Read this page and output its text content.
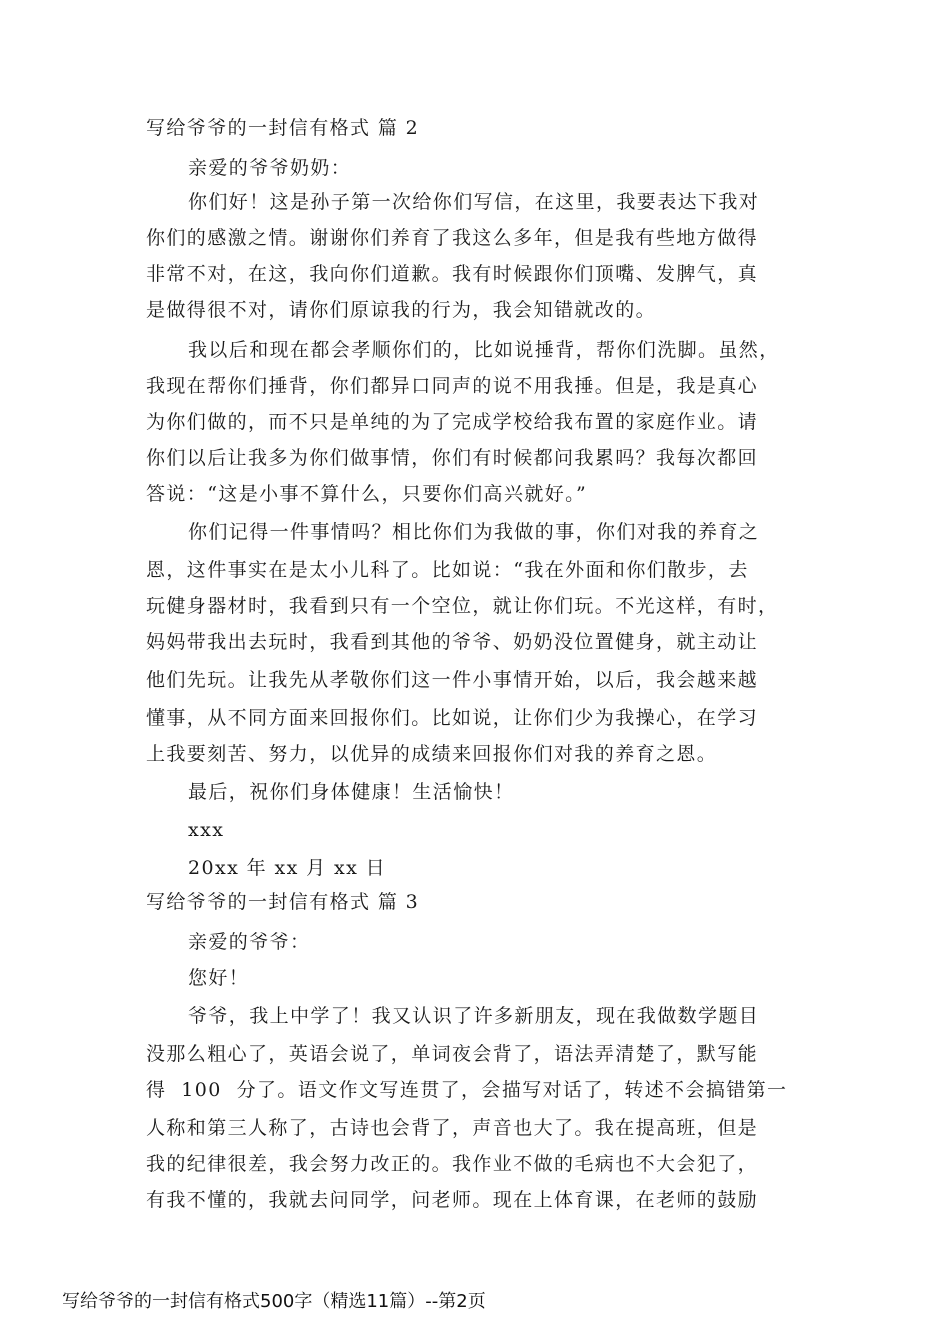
写给爷爷的一封信有格式 篇 2
亲爱的爷爷奶奶：
你们好！这是孙子第一次给你们写信，在这里，我要表达下我对
你们的感激之情。谢谢你们养育了我这么多年，但是我有些地方做得
非常不对，在这，我向你们道歉。我有时候跟你们顶嘴、发脾气，真
是做得很不对，请你们原谅我的行为，我会知错就改的。
我以后和现在都会孝顺你们的，比如说捶背，帮你们洗脚。虽然，
我现在帮你们捶背，你们都异口同声的说不用我捶。但是，我是真心
为你们做的，而不只是单纯的为了完成学校给我布置的家庭作业。请
你们以后让我多为你们做事情，你们有时候都问我累吗？我每次都回
答说：“这是小事不算什么，只要你们高兴就好。”
你们记得一件事情吗？相比你们为我做的事，你们对我的养育之
恩，这件事实在是太小儿科了。比如说：“我在外面和你们散步，去
玩健身器材时，我看到只有一个空位，就让你们玩。不光这样，有时，
妈妈带我出去玩时，我看到其他的爷爷、奶奶没位置健身，就主动让
他们先玩。让我先从孝敬你们这一件小事情开始，以后，我会越来越
懂事，从不同方面来回报你们。比如说，让你们少为我操心，在学习
上我要刻苦、努力，以优异的成绩来回报你们对我的养育之恩。
最后，祝你们身体健康！生活愉快！
xxx
20xx 年 xx 月 xx 日
写给爷爷的一封信有格式 篇 3
亲爱的爷爷：
您好！
爷爷，我上中学了！我又认识了许多新朋友，现在我做数学题目
没那么粗心了，英语会说了，单词夜会背了，语法弄清楚了，默写能
得  100  分了。语文作文写连贯了，会描写对话了，转述不会搞错第一
人称和第三人称了，古诗也会背了，声音也大了。我在提高班，但是
我的纪律很差，我会努力改正的。我作业不做的毛病也不大会犯了，
有我不懂的，我就去问同学，问老师。现在上体育课，在老师的鼓励
写给爷爷的一封信有格式500字（精选11篇）--第2页
